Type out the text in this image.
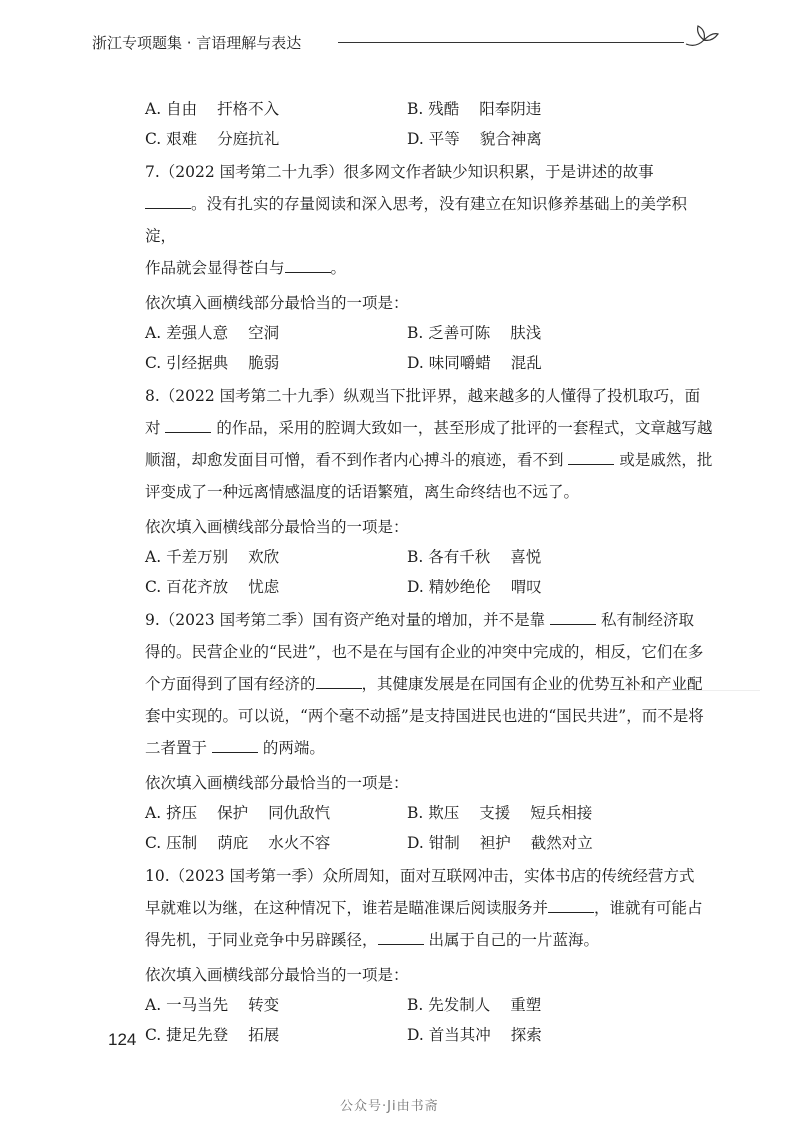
浙江专项题集 · 言语理解与表达
A. 自由 扞格不入	B. 残酷 阳奉阴违
C. 艰难 分庭抗礼	D. 平等 貌合神离

7.（2022 国考第二十九季）很多网文作者缺少知识积累，于是讲述的故事

。没有扎实的存量阅读和深入思考，没有建立在知识修养基础上的美学积淀，

作品就会显得苍白与	。

依次填入画横线部分最恰当的一项是：
A. 差强人意 空洞	B. 乏善可陈 肤浅
C. 引经据典 脆弱	D. 味同嚼蜡 混乱

8.（2022 国考第二十九季）纵观当下批评界，越来越多的人懂得了投机取巧，面

对	的作品，采用的腔调大致如一，甚至形成了批评的一套程式，文章越写越

顺溜，却愈发面目可憎，看不到作者内心搏斗的痕迹，看不到	或是戚然，批

评变成了一种远离情感温度的话语繁殖，离生命终结也不远了。

依次填入画横线部分最恰当的一项是：
A. 千差万别 欢欣	B. 各有千秋 喜悦
C. 百花齐放 忧虑	D. 精妙绝伦 喟叹

9.（2023 国考第二季）国有资产绝对量的增加，并不是靠	私有制经济取

得的。民营企业的“民进”，也不是在与国有企业的冲突中完成的，相反，它们在多

个方面得到了国有经济的	，其健康发展是在同国有企业的优势互补和产业配

套中实现的。可以说，“两个毫不动摇”是支持国进民也进的“国民共进”，而不是将

二者置于	的两端。

依次填入画横线部分最恰当的一项是：
A. 挤压 保护 同仇敌忾	B. 欺压 支援 短兵相接
C. 压制 荫庇 水火不容	D. 钳制 袒护 截然对立

10.（2023 国考第一季）众所周知，面对互联网冲击，实体书店的传统经营方式

早就难以为继，在这种情况下，谁若是瞄准课后阅读服务并	，谁就有可能占

得先机，于同业竞争中另辟蹊径，	出属于自己的一片蓝海。

依次填入画横线部分最恰当的一项是：
A. 一马当先 转变	B. 先发制人 重塑
C. 捷足先登 拓展	D. 首当其冲 探索
124
公众号·Ji由书斋
